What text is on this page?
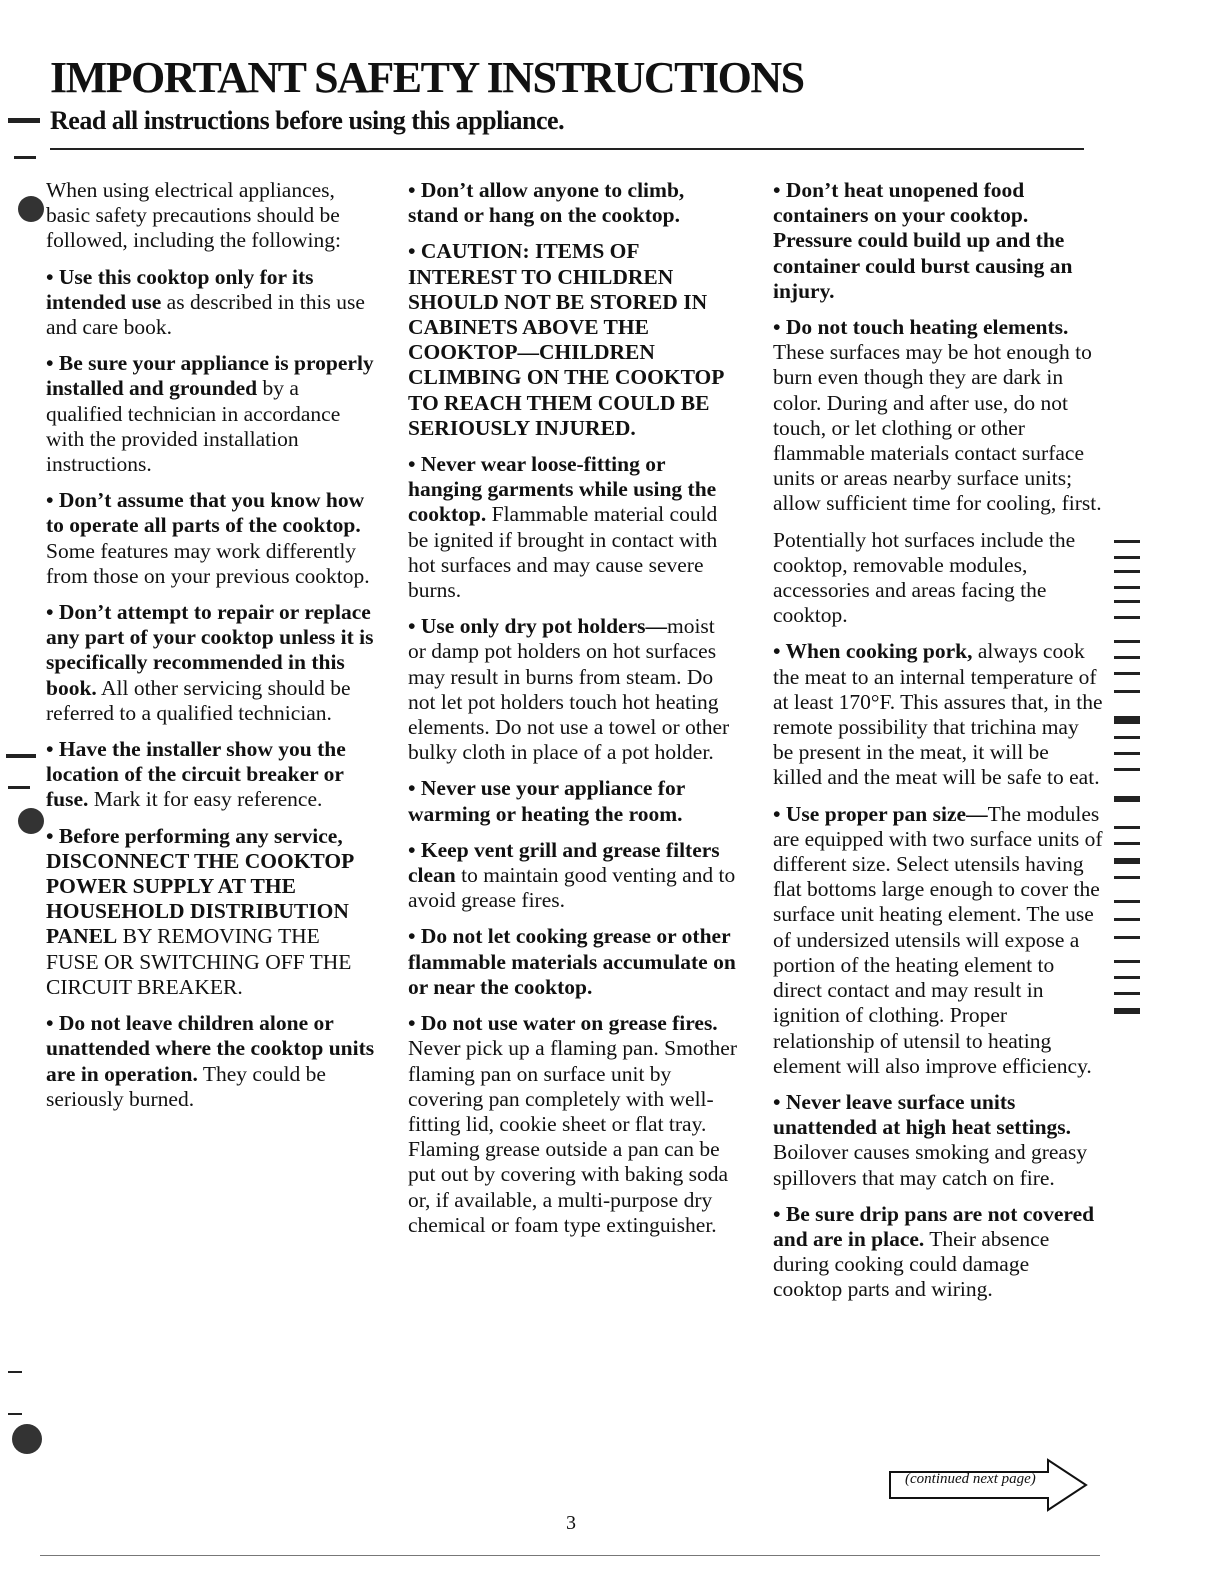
IMPORTANT SAFETY INSTRUCTIONS
Read all instructions before using this appliance.

When using electrical appliances, basic safety precautions should be followed, including the following:

• Use this cooktop only for its intended use as described in this use and care book.

• Be sure your appliance is properly installed and grounded by a qualified technician in accordance with the provided installation instructions.

• Don’t assume that you know how to operate all parts of the cooktop. Some features may work differently from those on your previous cooktop.

• Don’t attempt to repair or replace any part of your cooktop unless it is specifically recommended in this book. All other servicing should be referred to a qualified technician.

• Have the installer show you the location of the circuit breaker or fuse. Mark it for easy reference.

• Before performing any service, DISCONNECT THE COOKTOP POWER SUPPLY AT THE HOUSEHOLD DISTRIBUTION PANEL BY REMOVING THE FUSE OR SWITCHING OFF THE CIRCUIT BREAKER.

• Do not leave children alone or unattended where the cooktop units are in operation. They could be seriously burned.

• Don’t allow anyone to climb, stand or hang on the cooktop.

• CAUTION: ITEMS OF INTEREST TO CHILDREN SHOULD NOT BE STORED IN CABINETS ABOVE THE COOKTOP—CHILDREN CLIMBING ON THE COOKTOP TO REACH THEM COULD BE SERIOUSLY INJURED.

• Never wear loose-fitting or hanging garments while using the cooktop. Flammable material could be ignited if brought in contact with hot surfaces and may cause severe burns.

• Use only dry pot holders—moist or damp pot holders on hot surfaces may result in burns from steam. Do not let pot holders touch hot heating elements. Do not use a towel or other bulky cloth in place of a pot holder.

• Never use your appliance for warming or heating the room.

• Keep vent grill and grease filters clean to maintain good venting and to avoid grease fires.

• Do not let cooking grease or other flammable materials accumulate on or near the cooktop.

• Do not use water on grease fires. Never pick up a flaming pan. Smother flaming pan on surface unit by covering pan completely with well-fitting lid, cookie sheet or flat tray. Flaming grease outside a pan can be put out by covering with baking soda or, if available, a multi-purpose dry chemical or foam type extinguisher.

• Don’t heat unopened food containers on your cooktop. Pressure could build up and the container could burst causing an injury.

• Do not touch heating elements. These surfaces may be hot enough to burn even though they are dark in color. During and after use, do not touch, or let clothing or other flammable materials contact surface units or areas nearby surface units; allow sufficient time for cooling, first.

Potentially hot surfaces include the cooktop, removable modules, accessories and areas facing the cooktop.

• When cooking pork, always cook the meat to an internal temperature of at least 170°F. This assures that, in the remote possibility that trichina may be present in the meat, it will be killed and the meat will be safe to eat.

• Use proper pan size—The modules are equipped with two surface units of different size. Select utensils having flat bottoms large enough to cover the surface unit heating element. The use of undersized utensils will expose a portion of the heating element to direct contact and may result in ignition of clothing. Proper relationship of utensil to heating element will also improve efficiency.

• Never leave surface units unattended at high heat settings. Boilover causes smoking and greasy spillovers that may catch on fire.

• Be sure drip pans are not covered and are in place. Their absence during cooking could damage cooktop parts and wiring.

(continued next page)
3
